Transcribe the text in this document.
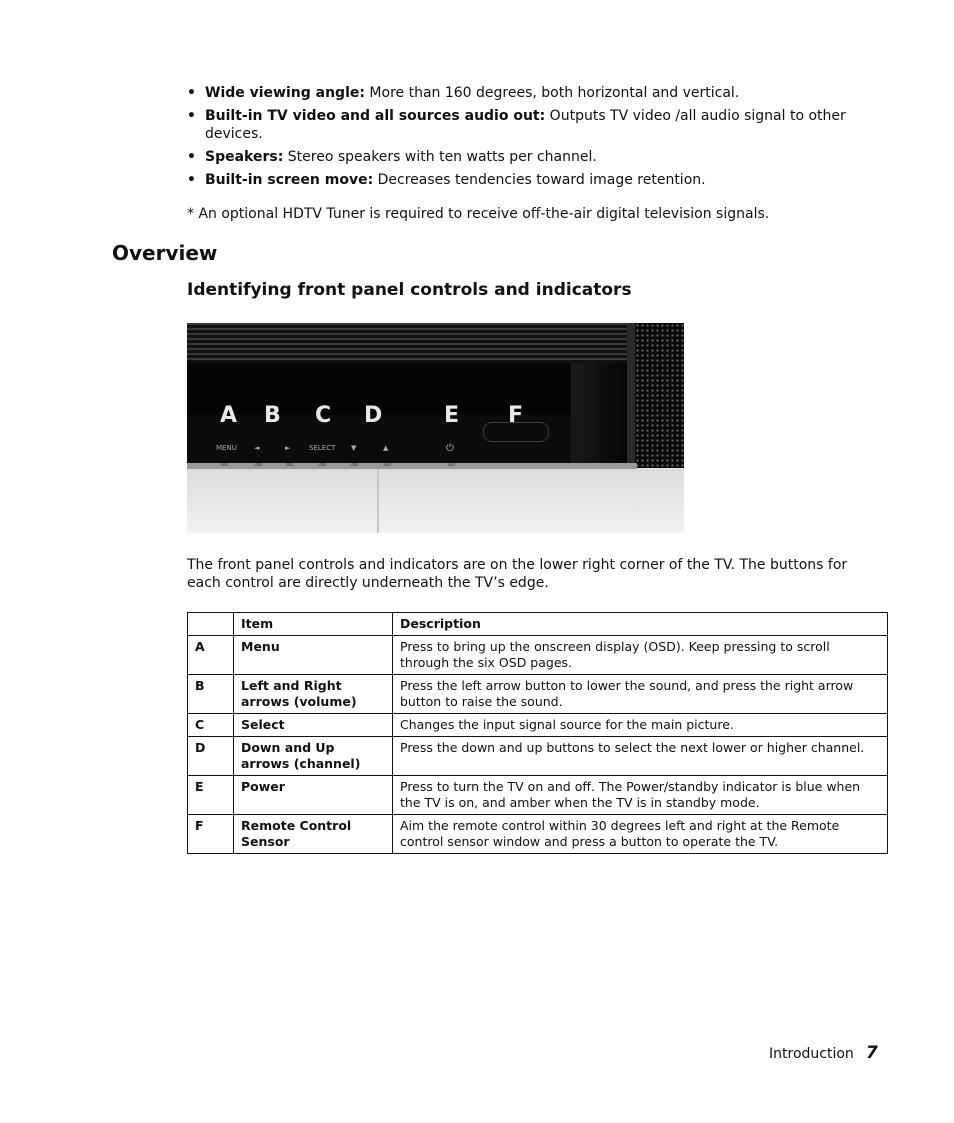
• Wide viewing angle: More than 160 degrees, both horizontal and vertical.
• Built-in TV video and all sources audio out: Outputs TV video /all audio signal to other devices.
• Speakers: Stereo speakers with ten watts per channel.
• Built-in screen move: Decreases tendencies toward image retention.

* An optional HDTV Tuner is required to receive off-the-air digital television signals.

Overview
Identifying front panel controls and indicators
A B C D	E F
MENU ◄	►	SELECT ▼	▲	⏻

The front panel controls and indicators are on the lower right corner of the TV. The buttons for each control are directly underneath the TV’s edge.

	Item	Description
A	Menu	Press to bring up the onscreen display (OSD). Keep pressing to scroll through the six OSD pages.
B	Left and Right arrows (volume)	Press the left arrow button to lower the sound, and press the right arrow button to raise the sound.
C	Select	Changes the input signal source for the main picture.
D	Down and Up arrows (channel)	Press the down and up buttons to select the next lower or higher channel.
E	Power	Press to turn the TV on and off. The Power/standby indicator is blue when the TV is on, and amber when the TV is in standby mode.
F	Remote Control Sensor	Aim the remote control within 30 degrees left and right at the Remote control sensor window and press a button to operate the TV.
Introduction 7
